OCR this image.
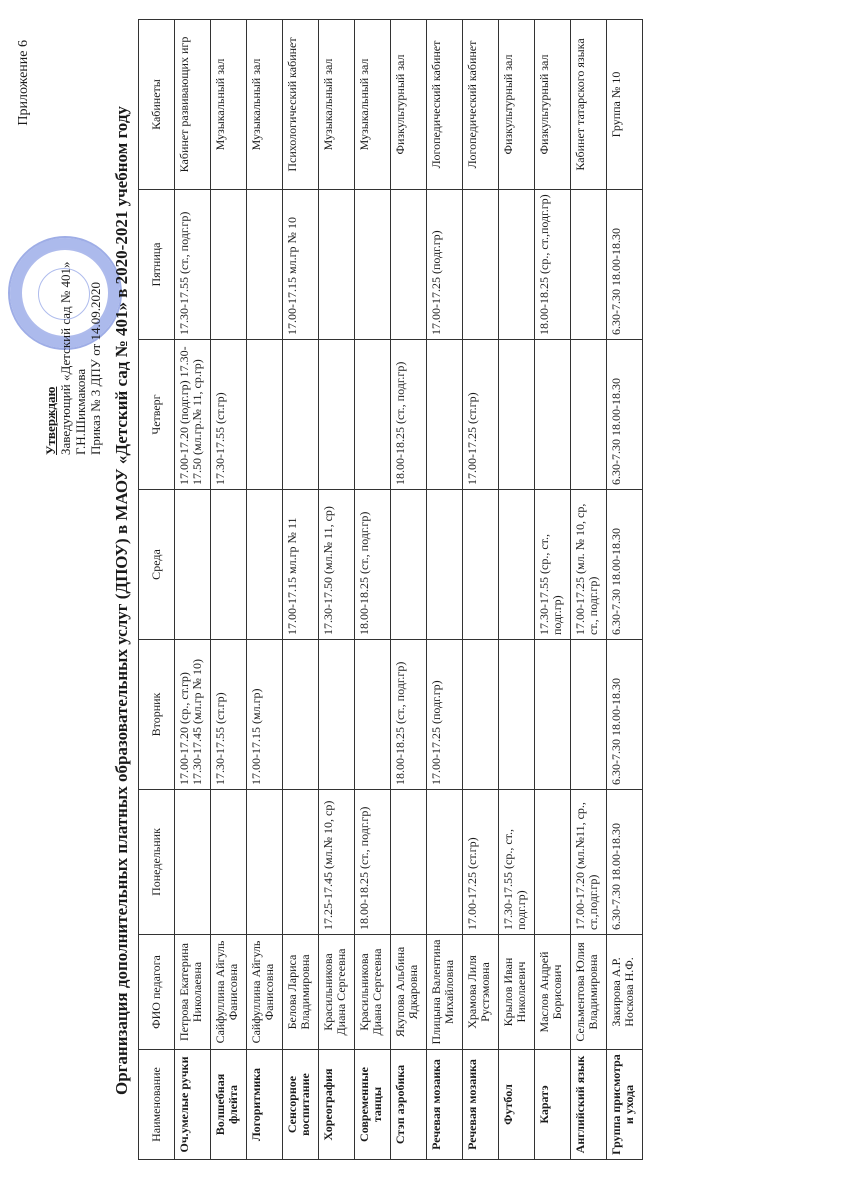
Приложение 6
Утверждаю Заведующий «Детский сад № 401» Г.Н.Шикмакова Приказ № 3 ДПУ от 14.09.2020 Организация дополнительных платных образовательных услуг (ДПОУ) в МАОУ «Детский сад № 401» в 2020-2021 учебном году
Наименование	ФИО педагога	Понедельник	Вторник	Среда	Четверг	Пятница	Кабинеты
Оч.умелые ручки	Петрова Екатерина Николаевна		17.00-17.20 (ср., ст.гр) 17.30-17.45 (мл.гр № 10)		17.00-17.20 (подг.гр) 17.30-17.50 (мл.гр.№ 11, ср.гр)	17.30-17.55 (ст., подг.гр)	Кабинет развивающих игр
Волшебная флейта	Сайфуллина Айгуль Фанисовна		17.30-17.55 (ст.гр)		17.30-17.55 (ст.гр)		Музыкальный зал
Логоритмика	Сайфуллина Айгуль Фанисовна		17.00-17.15 (мл.гр)				Музыкальный зал
Сенсорное воспитание	Белова Лариса Владимировна			17.00-17.15 мл.гр № 11		17.00-17.15 мл.гр № 10	Психологический кабинет
Хореография	Красильникова Диана Сергеевна	17.25-17.45 (мл.№ 10, ср)		17.30-17.50 (мл.№ 11, ср)			Музыкальный зал
Современные танцы	Красильникова Диана Сергеевна	18.00-18.25 (ст., подг.гр)		18.00-18.25 (ст., подг.гр)			Музыкальный зал
Стэп аэробика	Якупова Альбина Ядкаровна		18.00-18.25 (ст., подг.гр)		18.00-18.25 (ст., подг.гр)		Физкультурный зал
Речевая мозаика	Плицына Валентина Михайловна		17.00-17.25 (подг.гр)			17.00-17.25 (подг.гр)	Логопедический кабинет
Речевая мозаика	Храмова Лиля Рустэмовна	17.00-17.25 (ст.гр)			17.00-17.25 (ст.гр)		Логопедический кабинет
Футбол	Крылов Иван Николаевич	17.30-17.55 (ср., ст., подг.гр)					Физкультурный зал
Каратэ	Маслов Андрей Борисович			17.30-17.55 (ср., ст., подг.гр)		18.00-18.25 (ср., ст.,подг.гр)	Физкультурный зал
Английский язык	Сельментова Юлия Владимировна	17.00-17.20 (мл.№11, ср., ст.,подг.гр)		17.00-17.25 (мл. № 10, ср, ст., подг.гр)			Кабинет татарского языка
Группа присмотра и ухода	Закирова А.Р. Носкова Н.Ф.	6.30-7.30 18.00-18.30	6.30-7.30 18.00-18.30	6.30-7.30 18.00-18.30	6.30-7.30 18.00-18.30	6.30-7.30 18.00-18.30	Группа № 10
